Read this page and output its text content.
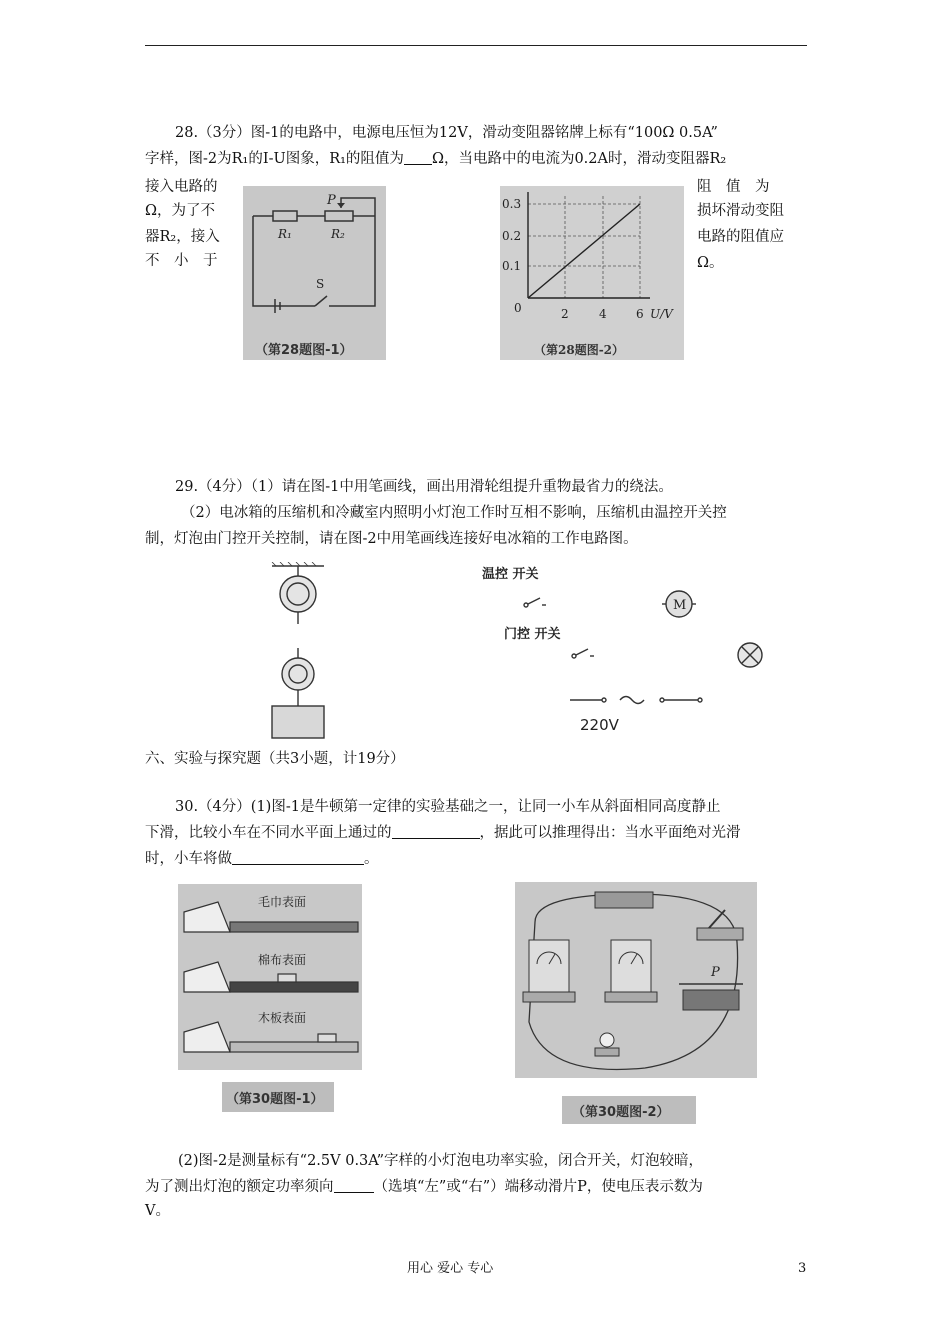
28.（3分）图-1的电路中，电源电压恒为12V，滑动变阻器铭牌上标有“100Ω 0.5A”
字样，图-2为R₁的I-U图象，R₁的阻值为 Ω，当电路中的电流为0.2A时，滑动变阻器R₂
接入电路的
Ω，为了不
器R₂，接入
不　小　于
阻　值　为
损坏滑动变阻
电路的阻值应
Ω。
P
R₁	R₂
S
（第28题图-1）
0.3
0.2
0.1
0	2	4 6 U/V
（第28题图-2）
29.（4分）（1）请在图-1中用笔画线，画出用滑轮组提升重物最省力的绕法。
（2）电冰箱的压缩机和冷藏室内照明小灯泡工作时互相不影响，压缩机由温控开关控
制，灯泡由门控开关控制，请在图-2中用笔画线连接好电冰箱的工作电路图。
温控 开关
M
门控 开关
220V
六、实验与探究题（共3小题，计19分）
30.（4分）(1)图-1是牛顿第一定律的实验基础之一，让同一小车从斜面相同高度静止
下滑，比较小车在不同水平面上通过的	，据此可以推理得出：当水平面绝对光滑
时，小车将做	。
毛巾表面
棉布表面
木板表面
（第30题图-1）
P
（第30题图-2）
(2)图-2是测量标有“2.5V 0.3A”字样的小灯泡电功率实验，闭合开关，灯泡较暗，
为了测出灯泡的额定功率须向	（选填“左”或“右”）端移动滑片P，使电压表示数为
V。
用心 爱心 专心	3
